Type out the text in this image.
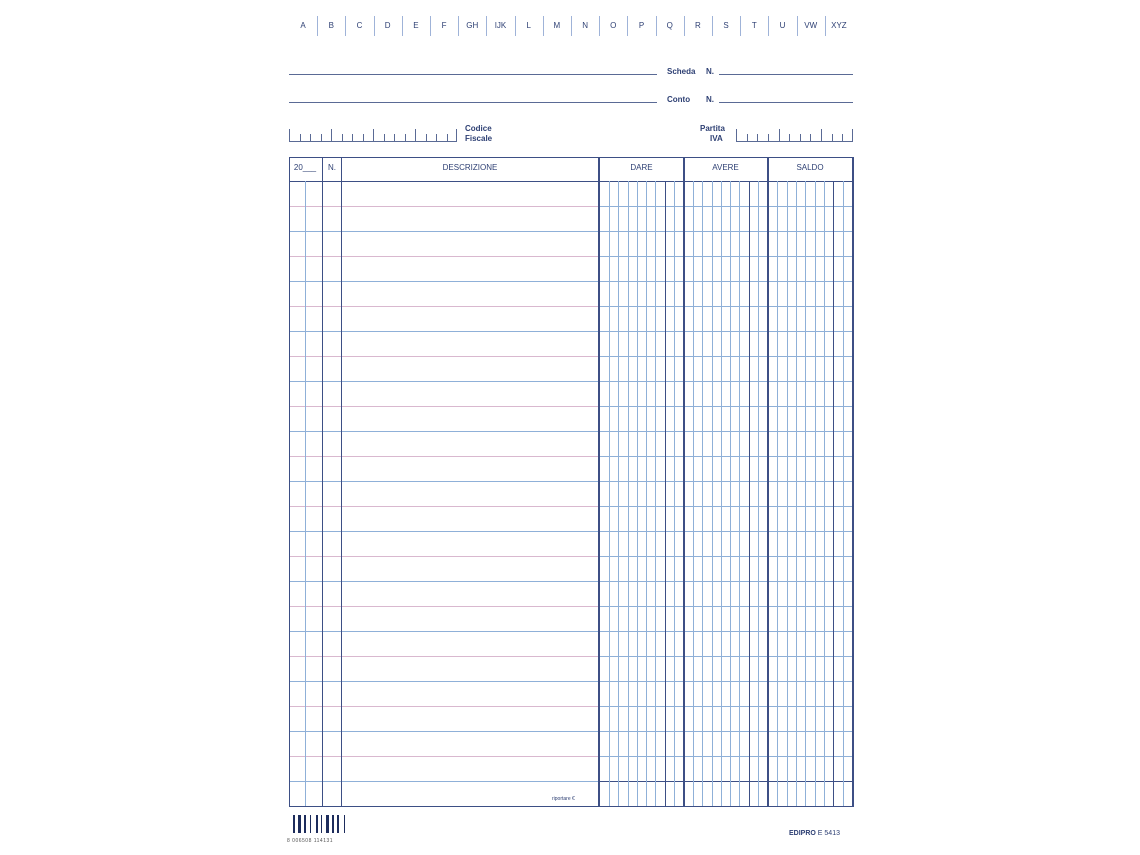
A	B	C	D	E	F	GH	IJK	L	M	N	O	P	Q	R	S	T	U	VW	XYZ
Scheda N.
Conto N.
Codice
Fiscale
Partita
IVA
20___	N.	DESCRIZIONE	DARE	AVERE	SALDO
riportare €
8 006508 114131
EDIPRO E 5413
